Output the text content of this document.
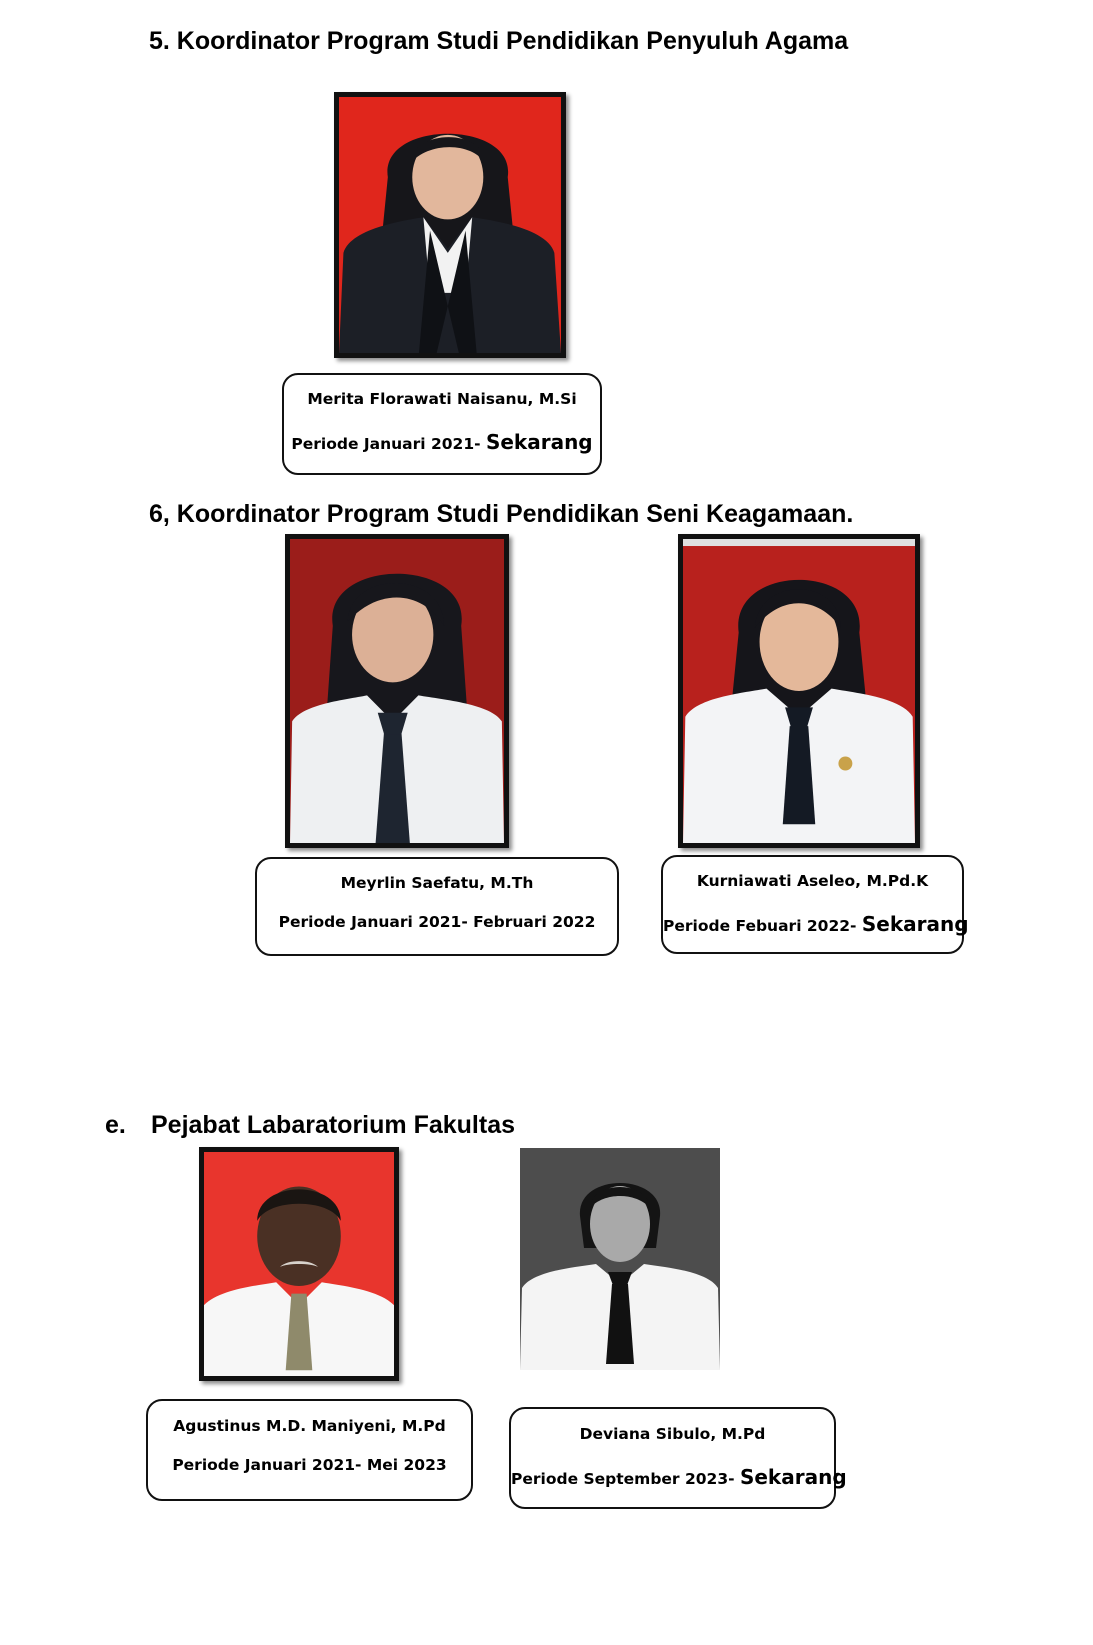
5. Koordinator Program Studi Pendidikan Penyuluh Agama
Merita Florawati Naisanu, M.Si
Periode Januari 2021- Sekarang
6, Koordinator Program Studi Pendidikan Seni Keagamaan.
Meyrlin Saefatu, M.Th
Periode Januari 2021- Februari 2022
Kurniawati Aseleo, M.Pd.K
Periode Febuari 2022- Sekarang
e. Pejabat Labaratorium Fakultas
Agustinus M.D. Maniyeni, M.Pd
Periode Januari 2021- Mei 2023
Deviana Sibulo, M.Pd
Periode September 2023- Sekarang
